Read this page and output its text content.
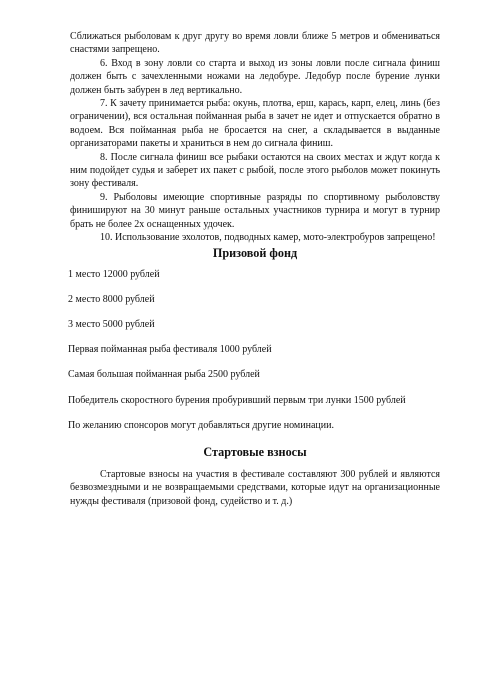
Сближаться рыболовам к друг другу во время ловли ближе 5 метров и обмениваться снастями запрещено.

6. Вход в зону ловли со старта и выход из зоны ловли после сигнала финиш должен быть с зачехленными ножами на ледобуре. Ледобур после бурение лунки должен быть забурен в лед вертикально.

7. К зачету принимается рыба: окунь, плотва, ерш, карась, карп, елец, линь (без ограничении), вся остальная пойманная рыба в зачет не идет и отпускается обратно в водоем. Вся пойманная рыба не бросается на снег, а складывается в выданные организаторами пакеты и храниться в нем до сигнала финиш.

8. После сигнала финиш все рыбаки остаются на своих местах и ждут когда к ним подойдет судья и заберет их пакет с рыбой, после этого рыболов может покинуть зону фестиваля.

9. Рыболовы имеющие спортивные разряды по спортивному рыболовству финишируют на 30 минут раньше остальных участников турнира и могут в турнир брать не более 2х оснащенных удочек.

10. Использование эхолотов, подводных камер, мото-электробуров запрещено!

Призовой фонд
1 место 12000 рублей
2 место 8000 рублей
3 место 5000 рублей
Первая пойманная рыба фестиваля 1000 рублей
Самая большая пойманная рыба 2500 рублей
Победитель скоростного бурения пробуривший первым три лунки 1500 рублей
По желанию спонсоров могут добавляться другие номинации.
Стартовые взносы

Стартовые взносы на участия в фестивале составляют 300 рублей и являются безвозмездными и не возвращаемыми средствами, которые идут на организационные нужды фестиваля (призовой фонд, судейство и т. д.)
